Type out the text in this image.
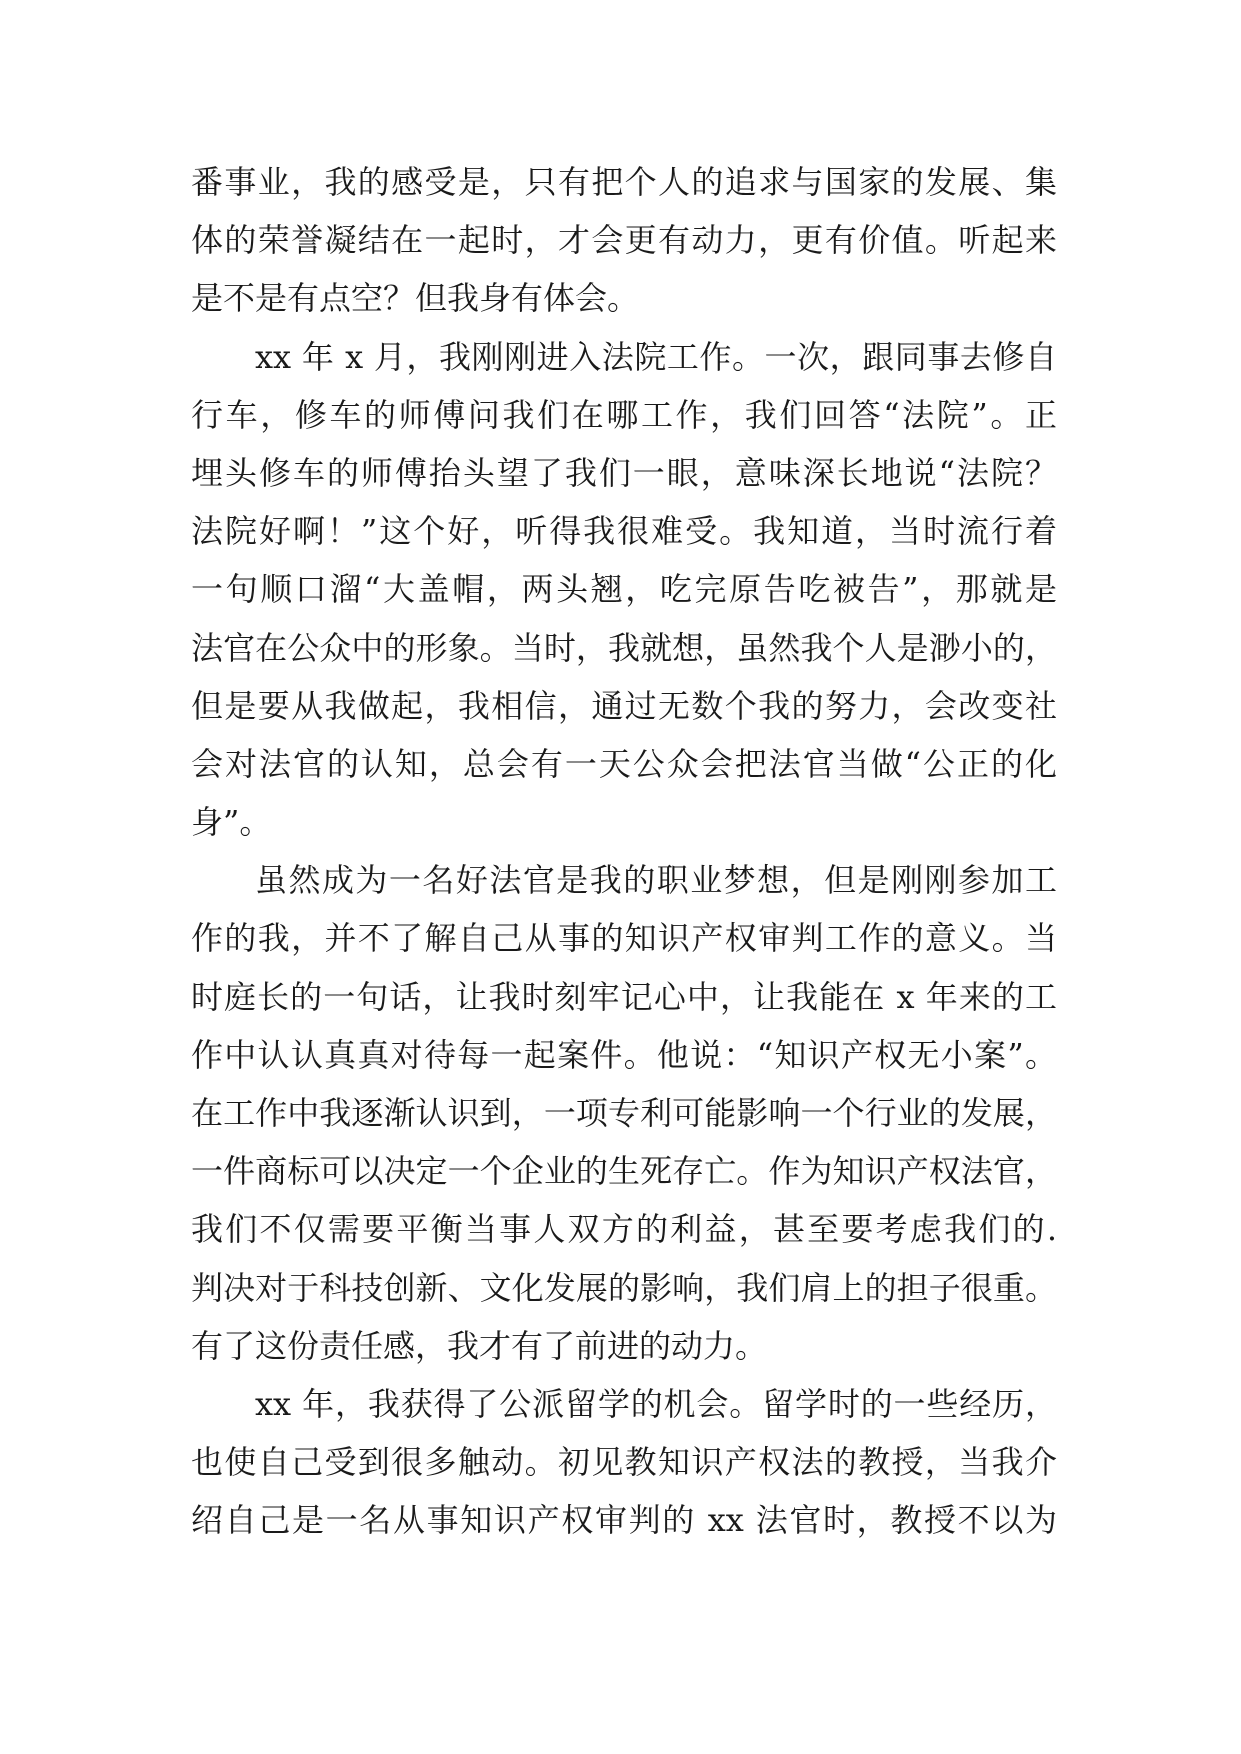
番事业，我的感受是，只有把个人的追求与国家的发展、集
体的荣誉凝结在一起时，才会更有动力，更有价值。听起来
是不是有点空？但我身有体会。
xx 年 x 月，我刚刚进入法院工作。一次，跟同事去修自
行车，修车的师傅问我们在哪工作，我们回答“法院”。正
埋头修车的师傅抬头望了我们一眼，意味深长地说“法院？
法院好啊！”这个好，听得我很难受。我知道，当时流行着
一句顺口溜“大盖帽，两头翘，吃完原告吃被告”，那就是
法官在公众中的形象。当时，我就想，虽然我个人是渺小的，
但是要从我做起，我相信，通过无数个我的努力，会改变社
会对法官的认知，总会有一天公众会把法官当做“公正的化
身”。
虽然成为一名好法官是我的职业梦想，但是刚刚参加工
作的我，并不了解自己从事的知识产权审判工作的意义。当
时庭长的一句话，让我时刻牢记心中，让我能在 x 年来的工
作中认认真真对待每一起案件。他说：“知识产权无小案”。
在工作中我逐渐认识到，一项专利可能影响一个行业的发展，
一件商标可以决定一个企业的生死存亡。作为知识产权法官，
我们不仅需要平衡当事人双方的利益，甚至要考虑我们的.
判决对于科技创新、文化发展的影响，我们肩上的担子很重。
有了这份责任感，我才有了前进的动力。
xx 年，我获得了公派留学的机会。留学时的一些经历，
也使自己受到很多触动。初见教知识产权法的教授，当我介
绍自己是一名从事知识产权审判的 xx 法官时，教授不以为
